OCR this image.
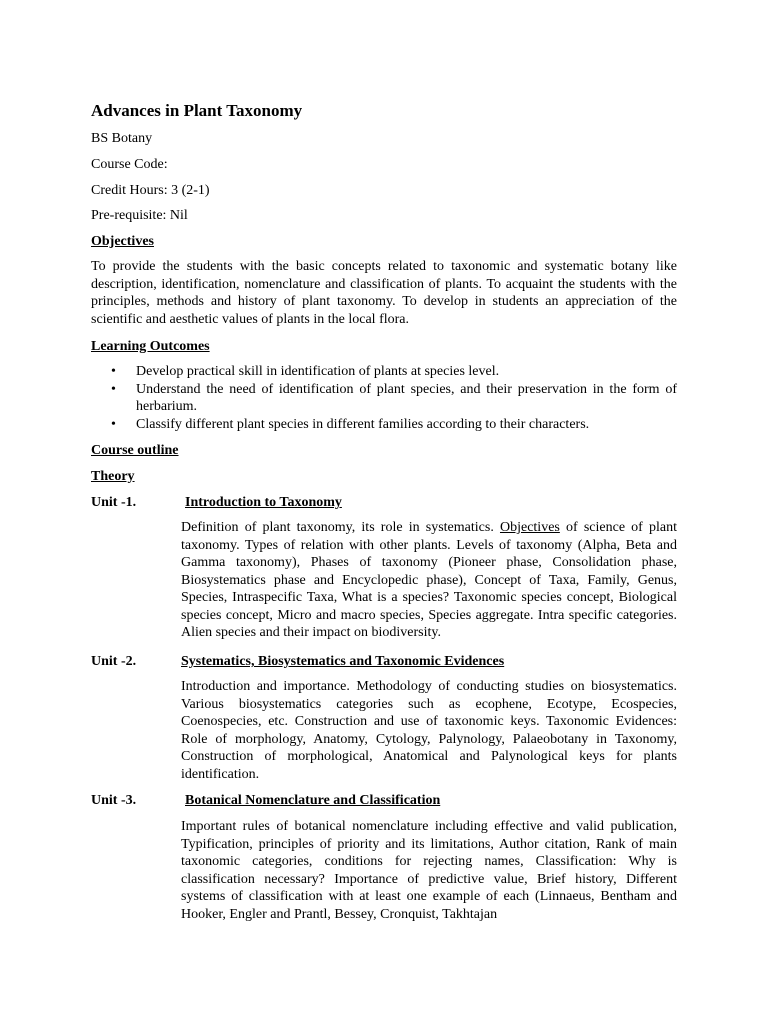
Advances in Plant Taxonomy
BS Botany
Course Code:
Credit Hours: 3 (2-1)
Pre-requisite: Nil
Objectives
To provide the students with the basic concepts related to taxonomic and systematic botany like description, identification, nomenclature and classification of plants. To acquaint the students with the principles, methods and history of plant taxonomy. To develop in students an appreciation of the scientific and aesthetic values of plants in the local flora.
Learning Outcomes
• Develop practical skill in identification of plants at species level.
• Understand the need of identification of plant species, and their preservation in the form of herbarium.
• Classify different plant species in different families according to their characters.
Course outline
Theory
Unit -1.	Introduction to Taxonomy
Definition of plant taxonomy, its role in systematics. Objectives of science of plant taxonomy. Types of relation with other plants. Levels of taxonomy (Alpha, Beta and Gamma taxonomy), Phases of taxonomy (Pioneer phase, Consolidation phase, Biosystematics phase and Encyclopedic phase), Concept of Taxa, Family, Genus, Species, Intraspecific Taxa, What is a species? Taxonomic species concept, Biological species concept, Micro and macro species, Species aggregate. Intra specific categories. Alien species and their impact on biodiversity.
Unit -2.	Systematics, Biosystematics and Taxonomic Evidences
Introduction and importance. Methodology of conducting studies on biosystematics. Various biosystematics categories such as ecophene, Ecotype, Ecospecies, Coenospecies, etc. Construction and use of taxonomic keys. Taxonomic Evidences: Role of morphology, Anatomy, Cytology, Palynology, Palaeobotany in Taxonomy, Construction of morphological, Anatomical and Palynological keys for plants identification.
Unit -3.	Botanical Nomenclature and Classification
Important rules of botanical nomenclature including effective and valid publication, Typification, principles of priority and its limitations, Author citation, Rank of main taxonomic categories, conditions for rejecting names, Classification: Why is classification necessary? Importance of predictive value, Brief history, Different systems of classification with at least one example of each (Linnaeus, Bentham and Hooker, Engler and Prantl, Bessey, Cronquist, Takhtajan
